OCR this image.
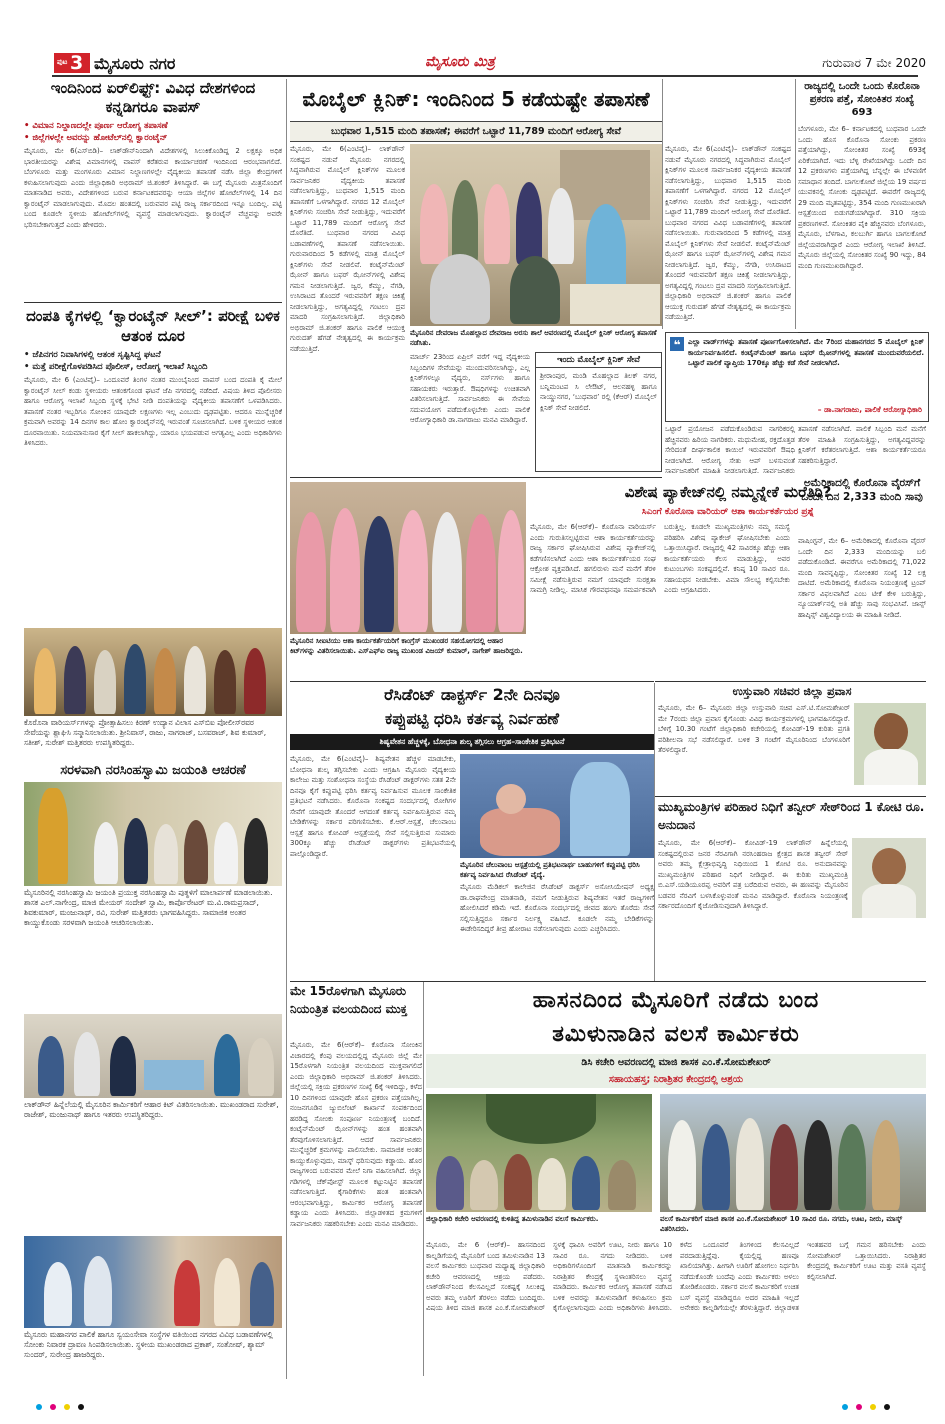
ಪುಟ 3 ಮೈಸೂರು ನಗರ	ಮೈಸೂರು ಮಿತ್ರ	ಗುರುವಾರ 7 ಮೇ 2020
ಇಂದಿನಿಂದ ಏರ್‌ಲಿಫ್ಟ್: ವಿವಿಧ ದೇಶಗಳಿಂದ ಕನ್ನಡಿಗರೂ ವಾಪಸ್
• ವಿಮಾನ ನಿಲ್ದಾಣದಲ್ಲೇ ಪೂರ್ಣ ಆರೋಗ್ಯ ತಪಾಸಣೆ
• ಜಿಲ್ಲೆಗಳಲ್ಲೇ ಅವರನ್ನು ಹೋಟೆಲ್‌ನಲ್ಲಿ ಕ್ವಾರಂಟೈನ್
ಮೈಸೂರು, ಮೇ 6(ಎಸ್‌ಬಿಡಿ)– ಲಾಕ್‌ಡೌನ್‌ನಿಂದಾಗಿ ವಿದೇಶಗಳಲ್ಲಿ ಸಿಲುಕಿಕೊಂಡಿದ್ದ 2 ಲಕ್ಷಕ್ಕೂ ಅಧಿಕ ಭಾರತೀಯರನ್ನು ವಿಶೇಷ ವಿಮಾನಗಳಲ್ಲಿ ವಾಪಸ್ ಕರೆತರುವ ಕಾರ್ಯಾಚರಣೆ ಇಂದಿನಿಂದ ಆರಂಭವಾಗಲಿದೆ. ಬೆಂಗಳೂರು ಮತ್ತು ಮಂಗಳೂರು ವಿಮಾನ ನಿಲ್ದಾಣಗಳಲ್ಲೇ ವೈದ್ಯಕೀಯ ತಪಾಸಣೆ ನಡೆಸಿ ಜಿಲ್ಲಾ ಕೇಂದ್ರಗಳಿಗೆ ಕಳುಹಿಸಲಾಗುವುದು ಎಂದು ಜಿಲ್ಲಾಧಿಕಾರಿ ಅಭಿರಾಮ್ ಜಿ.ಶಂಕರ್ ತಿಳಿಸಿದ್ದಾರೆ. ಈ ಬಗ್ಗೆ ಮೈಸೂರು ಮಿತ್ರನೊಂದಿಗೆ ಮಾತನಾಡಿದ ಅವರು, ವಿದೇಶಗಳಿಂದ ಬರುವ ಕರ್ನಾಟಕದವರನ್ನು ಆಯಾ ಜಿಲ್ಲೆಗಳ ಹೋಟೆಲ್‌ಗಳಲ್ಲಿ 14 ದಿನ ಕ್ವಾರಂಟೈನ್ ಮಾಡಲಾಗುವುದು. ಮೊದಲ ಹಂತದಲ್ಲಿ ಬರುವವರ ಪಟ್ಟಿ ರಾಜ್ಯ ಸರ್ಕಾರದಿಂದ ಇನ್ನೂ ಬಂದಿಲ್ಲ. ಪಟ್ಟಿ ಬಂದ ಕೂಡಲೇ ಸ್ಥಳೀಯ ಹೋಟೆಲ್‌ಗಳಲ್ಲಿ ವ್ಯವಸ್ಥೆ ಮಾಡಲಾಗುವುದು. ಕ್ವಾರಂಟೈನ್ ವೆಚ್ಚವನ್ನು ಅವರೇ ಭರಿಸಬೇಕಾಗುತ್ತದೆ ಎಂದು ಹೇಳಿದರು.
ದಂಪತಿ ಕೈಗಳಲ್ಲಿ ‘ಕ್ವಾರಂಟೈನ್ ಸೀಲ್’: ಪರೀಕ್ಷೆ ಬಳಿಕ ಆತಂಕ ದೂರ
• ಜೆಪಿನಗರ ನಿವಾಸಿಗಳಲ್ಲಿ ಆತಂಕ ಸೃಷ್ಟಿಸಿದ್ದ ಘಟನೆ
• ಮತ್ತೆ ಪರೀಕ್ಷೆಗೊಳಪಡಿಸಿದ ಪೊಲೀಸ್, ಆರೋಗ್ಯ ಇಲಾಖೆ ಸಿಬ್ಬಂದಿ
ಮೈಸೂರು, ಮೇ 6 (ಎಂಟಿವೈ)– ಒಂದೂವರೆ ತಿಂಗಳ ನಂತರ ಮುಂಬೈನಿಂದ ವಾಪಸ್ ಬಂದ ದಂಪತಿ ಕೈ ಮೇಲೆ ಕ್ವಾರಂಟೈನ್ ಸೀಲ್ ಕಂಡು ಸ್ಥಳೀಯರು ಆತಂಕಗೊಂಡ ಘಟನೆ ಜೆಪಿ ನಗರದಲ್ಲಿ ನಡೆದಿದೆ. ವಿಷಯ ತಿಳಿದ ಪೊಲೀಸರು ಹಾಗೂ ಆರೋಗ್ಯ ಇಲಾಖೆ ಸಿಬ್ಬಂದಿ ಸ್ಥಳಕ್ಕೆ ಭೇಟಿ ನೀಡಿ ದಂಪತಿಯನ್ನು ವೈದ್ಯಕೀಯ ತಪಾಸಣೆಗೆ ಒಳಪಡಿಸಿದರು. ತಪಾಸಣೆ ನಂತರ ಇಬ್ಬರಿಗೂ ಸೋಂಕಿನ ಯಾವುದೇ ಲಕ್ಷಣಗಳು ಇಲ್ಲ ಎಂಬುದು ದೃಢಪಟ್ಟಿತು. ಆದರೂ ಮುನ್ನೆಚ್ಚರಿಕೆ ಕ್ರಮವಾಗಿ ಅವರನ್ನು 14 ದಿನಗಳ ಕಾಲ ಹೋಂ ಕ್ವಾರಂಟೈನ್‌ನಲ್ಲಿ ಇರುವಂತೆ ಸೂಚಿಸಲಾಗಿದೆ. ಬಳಿಕ ಸ್ಥಳೀಯರ ಆತಂಕ ದೂರವಾಯಿತು. ನಿಯಮಾನುಸಾರ ಕೈಗೆ ಸೀಲ್ ಹಾಕಲಾಗಿದ್ದು, ಯಾರೂ ಭಯಪಡುವ ಅಗತ್ಯವಿಲ್ಲ ಎಂದು ಅಧಿಕಾರಿಗಳು ತಿಳಿಸಿದರು.
ಕೊರೊನಾ ವಾರಿಯರ್ಸ್‌ಗಳನ್ನು ಪ್ರೋತ್ಸಾಹಿಸಲು ಕಿರಣ್ ಉದ್ಯಾನ ವಿಲಾಸ ಎಸ್‌ಬಿಐ ಪೋಲೀಸ್‌ರವರ ಸೇವೆಯನ್ನು ಶ್ಲಾಘಿಸಿ ಸನ್ಮಾನಿಸಲಾಯಿತು. ಶ್ರೀನಿವಾಸ್, ರಾಜು, ನಾಗರಾಜ್, ಬಸವರಾಜ್, ಶಿವ ಕುಮಾರ್, ಸತೀಶ್, ಸುರೇಶ್ ಮತ್ತಿತರರು ಉಪಸ್ಥಿತರಿದ್ದರು.
ಸರಳವಾಗಿ ನರಸಿಂಹಸ್ವಾಮಿ ಜಯಂತಿ ಆಚರಣೆ
ಮೈಸೂರಿನಲ್ಲಿ ನರಸಿಂಹಸ್ವಾಮಿ ಜಯಂತಿ ಪ್ರಯುಕ್ತ ನರಸಿಂಹಸ್ವಾಮಿ ಪುತ್ಥಳಿಗೆ ಮಾಲಾರ್ಪಣೆ ಮಾಡಲಾಯಿತು. ಶಾಸಕ ಎಲ್.ನಾಗೇಂದ್ರ, ಮಾಜಿ ಮೇಯರ್ ಸಂದೇಶ್ ಸ್ವಾಮಿ, ಕಾರ್ಪೊರೇಟರ್ ಮ.ವಿ.ರಾಮಪ್ರಸಾದ್, ಶಿವಕುಮಾರ್, ಮಂಜುನಾಥ್, ರವಿ, ಸುರೇಶ್ ಮತ್ತಿತರರು ಭಾಗವಹಿಸಿದ್ದರು. ಸಾಮಾಜಿಕ ಅಂತರ ಕಾಯ್ದುಕೊಂಡು ಸರಳವಾಗಿ ಜಯಂತಿ ಆಚರಿಸಲಾಯಿತು.
ಲಾಕ್‌ಡೌನ್ ಹಿನ್ನೆಲೆಯಲ್ಲಿ ಮೈಸೂರಿನ ಕಾರ್ಮಿಕರಿಗೆ ಆಹಾರ ಕಿಟ್ ವಿತರಿಸಲಾಯಿತು. ಮುಖಂಡರಾದ ಸುರೇಶ್, ರಾಜೇಶ್, ಮಂಜುನಾಥ್ ಹಾಗೂ ಇತರರು ಉಪಸ್ಥಿತರಿದ್ದರು.
ಮೈಸೂರು ಮಹಾನಗರ ಪಾಲಿಕೆ ಹಾಗೂ ಸ್ವಯಂಸೇವಾ ಸಂಸ್ಥೆಗಳ ವತಿಯಿಂದ ನಗರದ ವಿವಿಧ ಬಡಾವಣೆಗಳಲ್ಲಿ ಸೋಂಕು ನಿವಾರಕ ದ್ರಾವಣ ಸಿಂಪಡಿಸಲಾಯಿತು. ಸ್ಥಳೀಯ ಮುಖಂಡರಾದ ಪ್ರಕಾಶ್, ಸಂತೋಷ್, ಶ್ಯಾಮ್ ಸುಂದರ್, ಸುರೇಂದ್ರ ಹಾಜರಿದ್ದರು.
ಮೊಬೈಲ್ ಕ್ಲಿನಿಕ್: ಇಂದಿನಿಂದ 5 ಕಡೆಯಷ್ಟೇ ತಪಾಸಣೆ
ಬುಧವಾರ 1,515 ಮಂದಿ ತಪಾಸಣೆ; ಈವರೆಗೆ ಒಟ್ಟಾರೆ 11,789 ಮಂದಿಗೆ ಆರೋಗ್ಯ ಸೇವೆ
ಮೈಸೂರು, ಮೇ 6(ಎಂಟಿವೈ)– ಲಾಕ್‌ಡೌನ್ ಸಂಕಷ್ಟದ ನಡುವೆ ಮೈಸೂರು ನಗರದಲ್ಲಿ ಸಿದ್ಧವಾಗಿರುವ ಮೊಬೈಲ್ ಕ್ಲಿನಿಕ್‌ಗಳ ಮೂಲಕ ಸಾರ್ವಜನಿಕರ ವೈದ್ಯಕೀಯ ತಪಾಸಣೆ ನಡೆಸಲಾಗುತ್ತಿದ್ದು, ಬುಧವಾರ 1,515 ಮಂದಿ ತಪಾಸಣೆಗೆ ಒಳಗಾಗಿದ್ದಾರೆ. ನಗರದ 12 ಮೊಬೈಲ್ ಕ್ಲಿನಿಕ್‌ಗಳು ಸಂಚರಿಸಿ ಸೇವೆ ನೀಡುತ್ತಿದ್ದು, ಇದುವರೆಗೆ ಒಟ್ಟಾರೆ 11,789 ಮಂದಿಗೆ ಆರೋಗ್ಯ ಸೇವೆ ದೊರೆತಿದೆ. ಬುಧವಾರ ನಗರದ ವಿವಿಧ ಬಡಾವಣೆಗಳಲ್ಲಿ ತಪಾಸಣೆ ನಡೆಸಲಾಯಿತು. ಗುರುವಾರದಿಂದ 5 ಕಡೆಗಳಲ್ಲಿ ಮಾತ್ರ ಮೊಬೈಲ್ ಕ್ಲಿನಿಕ್‌ಗಳು ಸೇವೆ ನೀಡಲಿವೆ. ಕಂಟೈನ್‌ಮೆಂಟ್ ಝೋನ್ ಹಾಗೂ ಬಫರ್ ಝೋನ್‌ಗಳಲ್ಲಿ ವಿಶೇಷ ಗಮನ ನೀಡಲಾಗುತ್ತಿದೆ. ಜ್ವರ, ಕೆಮ್ಮು, ನೆಗಡಿ, ಉಸಿರಾಟದ ತೊಂದರೆ ಇರುವವರಿಗೆ ತಕ್ಷಣ ಚಿಕಿತ್ಸೆ ನೀಡಲಾಗುತ್ತಿದ್ದು, ಅಗತ್ಯವಿದ್ದಲ್ಲಿ ಗಂಟಲು ದ್ರವ ಮಾದರಿ ಸಂಗ್ರಹಿಸಲಾಗುತ್ತಿದೆ. ಜಿಲ್ಲಾಧಿಕಾರಿ ಅಭಿರಾಮ್ ಜಿ.ಶಂಕರ್ ಹಾಗೂ ಪಾಲಿಕೆ ಆಯುಕ್ತ ಗುರುದತ್ ಹೆಗಡೆ ನೇತೃತ್ವದಲ್ಲಿ ಈ ಕಾರ್ಯಕ್ರಮ ನಡೆಯುತ್ತಿದೆ.
ಮೈಸೂರಿನ ದೇವರಾಜ ಮೊಹಲ್ಲಾದ ದೇವರಾಜ ಅರಸು ಶಾಲೆ ಆವರಣದಲ್ಲಿ ಮೊಬೈಲ್ ಕ್ಲಿನಿಕ್ ಆರೋಗ್ಯ ತಪಾಸಣೆ ನಡೆಸಿತು.
ಮಾರ್ಚ್ 23ರಿಂದ ಏಪ್ರಿಲ್ ವರೆಗೆ ಇದ್ದ ವೈದ್ಯಕೀಯ ಸಿಬ್ಬಂದಿಗಳ ಸೇವೆಯನ್ನು ಮುಂದುವರಿಸಲಾಗಿದ್ದು, ಎಲ್ಲ ಕ್ಲಿನಿಕ್‌ಗಳಲ್ಲೂ ವೈದ್ಯರು, ನರ್ಸ್‌ಗಳು ಹಾಗೂ ಸಹಾಯಕರು ಇರುತ್ತಾರೆ. ಔಷಧಿಗಳನ್ನು ಉಚಿತವಾಗಿ ವಿತರಿಸಲಾಗುತ್ತಿದೆ. ಸಾರ್ವಜನಿಕರು ಈ ಸೇವೆಯ ಸದುಪಯೋಗ ಪಡೆದುಕೊಳ್ಳಬೇಕು ಎಂದು ಪಾಲಿಕೆ ಆರೋಗ್ಯಾಧಿಕಾರಿ ಡಾ.ನಾಗರಾಜು ಮನವಿ ಮಾಡಿದ್ದಾರೆ.
ಇಂದು ಮೊಬೈಲ್ ಕ್ಲಿನಿಕ್ ಸೇವೆ
ಶ್ರೀರಾಂಪುರ, ಮಂಡಿ ಮೊಹಲ್ಲಾದ ತಿಲಕ್ ನಗರ, ಬನ್ನಿಮಂಟಪ ಸಿ ಲೇಔಟ್, ಆಲನಹಳ್ಳಿ ಹಾಗೂ ನಾಯ್ಡುನಗರ, ‘ಬುಧವಾರ’ ರಲ್ಲಿ (ಕೆಆರ್) ಮೊಬೈಲ್ ಕ್ಲಿನಿಕ್ ಸೇವೆ ನೀಡಲಿದೆ.
❝	ಎಲ್ಲಾ ವಾರ್ಡ್‌ಗಳನ್ನು ತಪಾಸಣೆ ಪೂರ್ಣಗೊಳಿಸಲಾಗಿದೆ. ಮೇ 7ರಿಂದ ಮಹಾನಗರದ 5 ಮೊಬೈಲ್ ಕ್ಲಿನಿಕ್ ಕಾರ್ಯನಿರ್ವಹಿಸಲಿದೆ. ಕಂಟೈನ್‌ಮೆಂಟ್ ಹಾಗೂ ಬಫರ್ ಝೋನ್‌ಗಳಲ್ಲಿ ತಪಾಸಣೆ ಮುಂದುವರೆಯಲಿದೆ. ಒಟ್ಟಾರೆ ಪಾಲಿಕೆ ವ್ಯಾಪ್ತಿಯ 170ಕ್ಕೂ ಹೆಚ್ಚು ಕಡೆ ಸೇವೆ ನೀಡಲಾಗಿದೆ.
– ಡಾ.ನಾಗರಾಜು, ಪಾಲಿಕೆ ಆರೋಗ್ಯಾಧಿಕಾರಿ
ಒಟ್ಟಾರೆ ಪ್ರಯೋಜನ ಪಡೆದುಕೊಂಡಿರುವ ನಾಗರಿಕರಲ್ಲಿ ಹೆಚ್ಚಿನವರು ಹಿರಿಯ ನಾಗರಿಕರು. ಮಧುಮೇಹ, ರಕ್ತದೊತ್ತಡ ಸೇರಿದಂತೆ ದೀರ್ಘಕಾಲಿಕ ಕಾಯಿಲೆ ಇರುವವರಿಗೆ ಔಷಧಿ ನೀಡಲಾಗಿದೆ. ಆರೋಗ್ಯ ಸೇತು ಆಪ್ ಬಳಸುವಂತೆ ಸಾರ್ವಜನಿಕರಿಗೆ ಮಾಹಿತಿ ನೀಡಲಾಗುತ್ತಿದೆ. ಸಾರ್ವಜನಿಕರು
ತಪಾಸಣೆ ನಡೆಸಲಾಗಿದೆ. ಪಾಲಿಕೆ ಸಿಬ್ಬಂದಿ ಮನೆ ಮನೆಗೆ ತೆರಳಿ ಮಾಹಿತಿ ಸಂಗ್ರಹಿಸುತ್ತಿದ್ದು, ಅಗತ್ಯವಿದ್ದವರನ್ನು ಕ್ಲಿನಿಕ್‌ಗೆ ಕರೆತರಲಾಗುತ್ತಿದೆ. ಆಶಾ ಕಾರ್ಯಕರ್ತೆಯರೂ ಸಹಕರಿಸುತ್ತಿದ್ದಾರೆ.
ಮೈಸೂರಿನ ಸೀಐಟಿಯು ಆಶಾ ಕಾರ್ಯಕರ್ತೆಯರಿಗೆ ಕಾಂಗ್ರೆಸ್ ಮುಖಂಡರ ಸಹಯೋಗದಲ್ಲಿ ಆಹಾರ ಕಿಟ್‌ಗಳನ್ನು ವಿತರಿಸಲಾಯಿತು. ಎಸ್‌ಎಫ್ಐ ರಾಜ್ಯ ಮುಖಂಡ ವಿಜಯ್ ಕುಮಾರ್, ನಾಗೇಶ್ ಹಾಜರಿದ್ದರು.
ವಿಶೇಷ ಪ್ಯಾಕೇಜ್‌ನಲ್ಲಿ ನಮ್ಮನ್ನೇಕೆ ಮರೆತಿರಿ?
ಸಿಎಂಗೆ ಕೊರೊನಾ ವಾರಿಯರ್ ಆಶಾ ಕಾರ್ಯಕರ್ತೆಯರ ಪ್ರಶ್ನೆ
ಮೈಸೂರು, ಮೇ 6(ಆರ್‌ಕೆ)– ಕೊರೊನಾ ವಾರಿಯರ್ಸ್ ಎಂದು ಗುರುತಿಸಲ್ಪಟ್ಟಿರುವ ಆಶಾ ಕಾರ್ಯಕರ್ತೆಯರನ್ನು ರಾಜ್ಯ ಸರ್ಕಾರ ಘೋಷಿಸಿರುವ ವಿಶೇಷ ಪ್ಯಾಕೇಜ್‌ನಲ್ಲಿ ಕಡೆಗಣಿಸಲಾಗಿದೆ ಎಂದು ಆಶಾ ಕಾರ್ಯಕರ್ತೆಯರ ಸಂಘ ಆಕ್ರೋಶ ವ್ಯಕ್ತಪಡಿಸಿದೆ. ಹಗಲಿರುಳು ಮನೆ ಮನೆಗೆ ತೆರಳಿ ಸಮೀಕ್ಷೆ ನಡೆಸುತ್ತಿರುವ ನಮಗೆ ಯಾವುದೇ ಸುರಕ್ಷತಾ ಸಾಮಗ್ರಿ ನೀಡಿಲ್ಲ. ಮಾಸಿಕ ಗೌರವಧನವೂ ಸಮರ್ಪಕವಾಗಿ ಬರುತ್ತಿಲ್ಲ. ಕೂಡಲೇ ಮುಖ್ಯಮಂತ್ರಿಗಳು ನಮ್ಮ ಸಮಸ್ಯೆ ಪರಿಹರಿಸಿ ವಿಶೇಷ ಪ್ಯಾಕೇಜ್ ಘೋಷಿಸಬೇಕು ಎಂದು ಒತ್ತಾಯಿಸಿದ್ದಾರೆ. ರಾಜ್ಯದಲ್ಲಿ 42 ಸಾವಿರಕ್ಕೂ ಹೆಚ್ಚು ಆಶಾ ಕಾರ್ಯಕರ್ತೆಯರು ಕೆಲಸ ಮಾಡುತ್ತಿದ್ದು, ಅವರ ಕುಟುಂಬಗಳು ಸಂಕಷ್ಟದಲ್ಲಿವೆ. ಕನಿಷ್ಠ 10 ಸಾವಿರ ರೂ. ಸಹಾಯಧನ ನೀಡಬೇಕು. ವಿಮಾ ಸೌಲಭ್ಯ ಕಲ್ಪಿಸಬೇಕು ಎಂದು ಆಗ್ರಹಿಸಿದರು.
ರಾಜ್ಯದಲ್ಲಿ ಒಂದೇ ಒಂದು ಕೊರೊನಾ ಪ್ರಕರಣ ಪತ್ತೆ, ಸೋಂಕಿತರ ಸಂಖ್ಯೆ 693
ಬೆಂಗಳೂರು, ಮೇ 6– ಕರ್ನಾಟಕದಲ್ಲಿ ಬುಧವಾರ ಒಂದೇ ಒಂದು ಹೊಸ ಕೊರೊನಾ ಸೋಂಕು ಪ್ರಕರಣ ಪತ್ತೆಯಾಗಿದ್ದು, ಸೋಂಕಿತರ ಸಂಖ್ಯೆ 693ಕ್ಕೆ ಏರಿಕೆಯಾಗಿದೆ. ಇದು ಬೆಳ್ಳಿ ರೇಖೆಯಾಗಿದ್ದು ಒಂದೇ ದಿನ 12 ಪ್ರಕರಣಗಳು ಪತ್ತೆಯಾಗಿದ್ದ ಬೆನ್ನಲ್ಲೇ ಈ ಬೆಳವಣಿಗೆ ಸಮಾಧಾನ ತಂದಿದೆ. ಬಾಗಲಕೋಟೆ ಜಿಲ್ಲೆಯ 19 ವರ್ಷದ ಯುವಕನಲ್ಲಿ ಸೋಂಕು ದೃಢಪಟ್ಟಿದೆ. ಈವರೆಗೆ ರಾಜ್ಯದಲ್ಲಿ 29 ಮಂದಿ ಮೃತಪಟ್ಟಿದ್ದು, 354 ಮಂದಿ ಗುಣಮುಖರಾಗಿ ಆಸ್ಪತ್ರೆಯಿಂದ ಬಿಡುಗಡೆಯಾಗಿದ್ದಾರೆ. 310 ಸಕ್ರಿಯ ಪ್ರಕರಣಗಳಿವೆ. ಸೋಂಕಿತರ ಪೈಕಿ ಹೆಚ್ಚಿನವರು ಬೆಂಗಳೂರು, ಮೈಸೂರು, ಬೆಳಗಾವಿ, ಕಲಬುರ್ಗಿ ಹಾಗೂ ಬಾಗಲಕೋಟೆ ಜಿಲ್ಲೆಯವರಾಗಿದ್ದಾರೆ ಎಂದು ಆರೋಗ್ಯ ಇಲಾಖೆ ತಿಳಿಸಿದೆ. ಮೈಸೂರು ಜಿಲ್ಲೆಯಲ್ಲಿ ಸೋಂಕಿತರ ಸಂಖ್ಯೆ 90 ಇದ್ದು, 84 ಮಂದಿ ಗುಣಮುಖರಾಗಿದ್ದಾರೆ.
ಮೈಸೂರು, ಮೇ 6(ಎಂಟಿವೈ)– ಲಾಕ್‌ಡೌನ್ ಸಂಕಷ್ಟದ ನಡುವೆ ಮೈಸೂರು ನಗರದಲ್ಲಿ ಸಿದ್ಧವಾಗಿರುವ ಮೊಬೈಲ್ ಕ್ಲಿನಿಕ್‌ಗಳ ಮೂಲಕ ಸಾರ್ವಜನಿಕರ ವೈದ್ಯಕೀಯ ತಪಾಸಣೆ ನಡೆಸಲಾಗುತ್ತಿದ್ದು, ಬುಧವಾರ 1,515 ಮಂದಿ ತಪಾಸಣೆಗೆ ಒಳಗಾಗಿದ್ದಾರೆ. ನಗರದ 12 ಮೊಬೈಲ್ ಕ್ಲಿನಿಕ್‌ಗಳು ಸಂಚರಿಸಿ ಸೇವೆ ನೀಡುತ್ತಿದ್ದು, ಇದುವರೆಗೆ ಒಟ್ಟಾರೆ 11,789 ಮಂದಿಗೆ ಆರೋಗ್ಯ ಸೇವೆ ದೊರೆತಿದೆ. ಬುಧವಾರ ನಗರದ ವಿವಿಧ ಬಡಾವಣೆಗಳಲ್ಲಿ ತಪಾಸಣೆ ನಡೆಸಲಾಯಿತು. ಗುರುವಾರದಿಂದ 5 ಕಡೆಗಳಲ್ಲಿ ಮಾತ್ರ ಮೊಬೈಲ್ ಕ್ಲಿನಿಕ್‌ಗಳು ಸೇವೆ ನೀಡಲಿವೆ. ಕಂಟೈನ್‌ಮೆಂಟ್ ಝೋನ್ ಹಾಗೂ ಬಫರ್ ಝೋನ್‌ಗಳಲ್ಲಿ ವಿಶೇಷ ಗಮನ ನೀಡಲಾಗುತ್ತಿದೆ. ಜ್ವರ, ಕೆಮ್ಮು, ನೆಗಡಿ, ಉಸಿರಾಟದ ತೊಂದರೆ ಇರುವವರಿಗೆ ತಕ್ಷಣ ಚಿಕಿತ್ಸೆ ನೀಡಲಾಗುತ್ತಿದ್ದು, ಅಗತ್ಯವಿದ್ದಲ್ಲಿ ಗಂಟಲು ದ್ರವ ಮಾದರಿ ಸಂಗ್ರಹಿಸಲಾಗುತ್ತಿದೆ. ಜಿಲ್ಲಾಧಿಕಾರಿ ಅಭಿರಾಮ್ ಜಿ.ಶಂಕರ್ ಹಾಗೂ ಪಾಲಿಕೆ ಆಯುಕ್ತ ಗುರುದತ್ ಹೆಗಡೆ ನೇತೃತ್ವದಲ್ಲಿ ಈ ಕಾರ್ಯಕ್ರಮ ನಡೆಯುತ್ತಿದೆ.
ಅಮೆರಿಕಾದಲ್ಲಿ ಕೊರೊನಾ ವೈರಸ್‌ಗೆ ಒಂದೇ ದಿನ 2,333 ಮಂದಿ ಸಾವು
ವಾಷಿಂಗ್ಟನ್, ಮೇ 6– ಅಮೆರಿಕಾದಲ್ಲಿ ಕೊರೊನಾ ವೈರಸ್ ಒಂದೇ ದಿನ 2,333 ಮಂದಿಯನ್ನು ಬಲಿ ಪಡೆದುಕೊಂಡಿದೆ. ಈವರೆಗೂ ಅಮೆರಿಕಾದಲ್ಲಿ 71,022 ಮಂದಿ ಸಾವನ್ನಪ್ಪಿದ್ದು, ಸೋಂಕಿತರ ಸಂಖ್ಯೆ 12 ಲಕ್ಷ ದಾಟಿದೆ. ಅಮೆರಿಕಾದಲ್ಲಿ ಕೊರೊನಾ ನಿಯಂತ್ರಣಕ್ಕೆ ಟ್ರಂಪ್ ಸರ್ಕಾರ ವಿಫಲವಾಗಿದೆ ಎಂಬ ಟೀಕೆ ಕೇಳಿ ಬರುತ್ತಿದ್ದು, ನ್ಯೂಯಾರ್ಕ್‌ನಲ್ಲಿ ಅತಿ ಹೆಚ್ಚು ಸಾವು ಸಂಭವಿಸಿವೆ. ಜಾನ್ಸ್ ಹಾಪ್ಕಿನ್ಸ್ ವಿಶ್ವವಿದ್ಯಾಲಯ ಈ ಮಾಹಿತಿ ನೀಡಿದೆ.
ಉಸ್ತುವಾರಿ ಸಚಿವರ ಜಿಲ್ಲಾ ಪ್ರವಾಸ
ಮೈಸೂರು, ಮೇ 6– ಮೈಸೂರು ಜಿಲ್ಲಾ ಉಸ್ತುವಾರಿ ಸಚಿವ ಎಸ್.ಟಿ.ಸೋಮಶೇಖರ್ ಮೇ 7ರಂದು ಜಿಲ್ಲಾ ಪ್ರವಾಸ ಕೈಗೊಂಡು ವಿವಿಧ ಕಾರ್ಯಕ್ರಮಗಳಲ್ಲಿ ಭಾಗವಹಿಸಲಿದ್ದಾರೆ. ಬೆಳಿಗ್ಗೆ 10.30 ಗಂಟೆಗೆ ಜಿಲ್ಲಾಧಿಕಾರಿ ಕಚೇರಿಯಲ್ಲಿ ಕೋವಿಡ್-19 ಕುರಿತು ಪ್ರಗತಿ ಪರಿಶೀಲನಾ ಸಭೆ ನಡೆಸಲಿದ್ದಾರೆ. ಬಳಿಕ 3 ಗಂಟೆಗೆ ಮೈಸೂರಿನಿಂದ ಬೆಂಗಳೂರಿಗೆ ತೆರಳಲಿದ್ದಾರೆ.
ಮುಖ್ಯಮಂತ್ರಿಗಳ ಪರಿಹಾರ ನಿಧಿಗೆ ತನ್ವೀರ್ ಸೇಠ್‌ರಿಂದ 1 ಕೋಟಿ ರೂ. ಅನುದಾನ
ಮೈಸೂರು, ಮೇ 6(ಆರ್‌ಕೆ)– ಕೋವಿಡ್-19 ಲಾಕ್‌ಡೌನ್ ಹಿನ್ನೆಲೆಯಲ್ಲಿ ಸಂಕಷ್ಟದಲ್ಲಿರುವ ಜನರ ನೆರವಿಗಾಗಿ ನರಸಿಂಹರಾಜ ಕ್ಷೇತ್ರದ ಶಾಸಕ ತನ್ವೀರ್ ಸೇಠ್ ಅವರು ತಮ್ಮ ಕ್ಷೇತ್ರಾಭಿವೃದ್ಧಿ ನಿಧಿಯಿಂದ 1 ಕೋಟಿ ರೂ. ಅನುದಾನವನ್ನು ಮುಖ್ಯಮಂತ್ರಿಗಳ ಪರಿಹಾರ ನಿಧಿಗೆ ನೀಡಿದ್ದಾರೆ. ಈ ಕುರಿತು ಮುಖ್ಯಮಂತ್ರಿ ಬಿ.ಎಸ್.ಯಡಿಯೂರಪ್ಪ ಅವರಿಗೆ ಪತ್ರ ಬರೆದಿರುವ ಅವರು, ಈ ಹಣವನ್ನು ಮೈಸೂರಿನ ಬಡವರ ನೆರವಿಗೆ ಬಳಸಿಕೊಳ್ಳುವಂತೆ ಮನವಿ ಮಾಡಿದ್ದಾರೆ. ಕೊರೊನಾ ನಿಯಂತ್ರಣಕ್ಕೆ ಸರ್ಕಾರದೊಂದಿಗೆ ಕೈಜೋಡಿಸುವುದಾಗಿ ತಿಳಿಸಿದ್ದಾರೆ.
ರೆಸಿಡೆಂಟ್ ಡಾಕ್ಟರ್ಸ್ 2ನೇ ದಿನವೂ
ಕಪ್ಪುಪಟ್ಟಿ ಧರಿಸಿ ಕರ್ತವ್ಯ ನಿರ್ವಹಣೆ
ಶಿಷ್ಯವೇತನ ಹೆಚ್ಚಳಕ್ಕೆ, ಬೋಧನಾ ಶುಲ್ಕ ತಗ್ಗಿಸಲು ಆಗ್ರಹ–ಸಾಂಕೇತಿಕ ಪ್ರತಿಭಟನೆ
ಮೈಸೂರು, ಮೇ 6(ಎಂಟಿವೈ)– ಶಿಷ್ಯವೇತನ ಹೆಚ್ಚಳ ಮಾಡಬೇಕು, ಬೋಧನಾ ಶುಲ್ಕ ತಗ್ಗಿಸಬೇಕು ಎಂದು ಆಗ್ರಹಿಸಿ ಮೈಸೂರು ವೈದ್ಯಕೀಯ ಕಾಲೇಜು ಮತ್ತು ಸಂಶೋಧನಾ ಸಂಸ್ಥೆಯ ರೆಸಿಡೆಂಟ್ ಡಾಕ್ಟರ್‌ಗಳು ಸತತ 2ನೇ ದಿನವೂ ಕೈಗೆ ಕಪ್ಪುಪಟ್ಟಿ ಧರಿಸಿ ಕರ್ತವ್ಯ ನಿರ್ವಹಿಸುವ ಮೂಲಕ ಸಾಂಕೇತಿಕ ಪ್ರತಿಭಟನೆ ನಡೆಸಿದರು. ಕೊರೊನಾ ಸಂಕಷ್ಟದ ಸಂದರ್ಭದಲ್ಲಿ ರೋಗಿಗಳ ಸೇವೆಗೆ ಯಾವುದೇ ತೊಂದರೆ ಆಗದಂತೆ ಕರ್ತವ್ಯ ನಿರ್ವಹಿಸುತ್ತಿರುವ ನಮ್ಮ ಬೇಡಿಕೆಗಳನ್ನು ಸರ್ಕಾರ ಪರಿಗಣಿಸಬೇಕು. ಕೆ.ಆರ್.ಆಸ್ಪತ್ರೆ, ಚೆಲುವಾಂಬ ಆಸ್ಪತ್ರೆ ಹಾಗೂ ಕೋವಿಡ್ ಆಸ್ಪತ್ರೆಯಲ್ಲಿ ಸೇವೆ ಸಲ್ಲಿಸುತ್ತಿರುವ ಸುಮಾರು 300ಕ್ಕೂ ಹೆಚ್ಚು ರೆಸಿಡೆಂಟ್ ಡಾಕ್ಟರ್‌ಗಳು ಪ್ರತಿಭಟನೆಯಲ್ಲಿ ಪಾಲ್ಗೊಂಡಿದ್ದಾರೆ.
ಮೈಸೂರಿನ ಚೆಲುವಾಂಬ ಆಸ್ಪತ್ರೆಯಲ್ಲಿ ಪ್ರತಿಭಟನಾರ್ಥ ಬಾಹುಗಳಿಗೆ ಕಪ್ಪುಪಟ್ಟಿ ಧರಿಸಿ ಕರ್ತವ್ಯ ನಿರ್ವಹಿಸಿದ ರೆಸಿಡೆಂಟ್ ವೈದ್ಯೆ.
ಮೈಸೂರು ಮೆಡಿಕಲ್ ಕಾಲೇಜಿನ ರೆಸಿಡೆಂಟ್ ಡಾಕ್ಟರ್ಸ್ ಅಸೋಸಿಯೇಷನ್ ಅಧ್ಯಕ್ಷ ಡಾ.ರಾಘವೇಂದ್ರ ಮಾತನಾಡಿ, ನಮಗೆ ನೀಡುತ್ತಿರುವ ಶಿಷ್ಯವೇತನ ಇತರೆ ರಾಜ್ಯಗಳಿಗೆ ಹೋಲಿಸಿದರೆ ಕಡಿಮೆ ಇದೆ. ಕೊರೊನಾ ಸಂದರ್ಭದಲ್ಲಿ ಜೀವದ ಹಂಗು ತೊರೆದು ಸೇವೆ ಸಲ್ಲಿಸುತ್ತಿದ್ದರೂ ಸರ್ಕಾರ ನಿರ್ಲಕ್ಷ್ಯ ವಹಿಸಿದೆ. ಕೂಡಲೇ ನಮ್ಮ ಬೇಡಿಕೆಗಳನ್ನು ಈಡೇರಿಸದಿದ್ದರೆ ತೀವ್ರ ಹೋರಾಟ ನಡೆಸಲಾಗುವುದು ಎಂದು ಎಚ್ಚರಿಸಿದರು.
ಮೇ 15ರೊಳಗಾಗಿ ಮೈಸೂರು ನಿಯಂತ್ರಿತ ವಲಯದಿಂದ ಮುಕ್ತ
ಮೈಸೂರು, ಮೇ 6(ಆರ್‌ಕೆ)– ಕೊರೊನಾ ಸೋಂಕಿನ ವಿಚಾರದಲ್ಲಿ ಕೆಂಪು ವಲಯದಲ್ಲಿದ್ದ ಮೈಸೂರು ಜಿಲ್ಲೆ ಮೇ 15ರೊಳಗಾಗಿ ನಿಯಂತ್ರಿತ ವಲಯದಿಂದ ಮುಕ್ತವಾಗಲಿದೆ ಎಂದು ಜಿಲ್ಲಾಧಿಕಾರಿ ಅಭಿರಾಮ್ ಜಿ.ಶಂಕರ್ ತಿಳಿಸಿದರು. ಜಿಲ್ಲೆಯಲ್ಲಿ ಸಕ್ರಿಯ ಪ್ರಕರಣಗಳ ಸಂಖ್ಯೆ 6ಕ್ಕೆ ಇಳಿದಿದ್ದು, ಕಳೆದ 10 ದಿನಗಳಿಂದ ಯಾವುದೇ ಹೊಸ ಪ್ರಕರಣ ಪತ್ತೆಯಾಗಿಲ್ಲ. ನಂಜನಗೂಡಿನ ಜ್ಯುಬಿಲೆಂಟ್ ಕಾರ್ಖಾನೆ ಸಂಪರ್ಕದಿಂದ ಹರಡಿದ್ದ ಸೋಂಕು ಸಂಪೂರ್ಣ ನಿಯಂತ್ರಣಕ್ಕೆ ಬಂದಿದೆ. ಕಂಟೈನ್‌ಮೆಂಟ್ ಝೋನ್‌ಗಳನ್ನು ಹಂತ ಹಂತವಾಗಿ ತೆರವುಗೊಳಿಸಲಾಗುತ್ತಿದೆ. ಆದರೆ ಸಾರ್ವಜನಿಕರು ಮುನ್ನೆಚ್ಚರಿಕೆ ಕ್ರಮಗಳನ್ನು ಪಾಲಿಸಬೇಕು. ಸಾಮಾಜಿಕ ಅಂತರ ಕಾಯ್ದುಕೊಳ್ಳುವುದು, ಮಾಸ್ಕ್ ಧರಿಸುವುದು ಕಡ್ಡಾಯ. ಹೊರ ರಾಜ್ಯಗಳಿಂದ ಬರುವವರ ಮೇಲೆ ನಿಗಾ ವಹಿಸಲಾಗಿದೆ. ಜಿಲ್ಲಾ ಗಡಿಗಳಲ್ಲಿ ಚೆಕ್‌ಪೋಸ್ಟ್ ಮೂಲಕ ಕಟ್ಟುನಿಟ್ಟಿನ ತಪಾಸಣೆ ನಡೆಸಲಾಗುತ್ತಿದೆ. ಕೈಗಾರಿಕೆಗಳು ಹಂತ ಹಂತವಾಗಿ ಆರಂಭವಾಗುತ್ತಿದ್ದು, ಕಾರ್ಮಿಕರ ಆರೋಗ್ಯ ತಪಾಸಣೆ ಕಡ್ಡಾಯ ಎಂದು ತಿಳಿಸಿದರು. ಜಿಲ್ಲಾಡಳಿತದ ಕ್ರಮಗಳಿಗೆ ಸಾರ್ವಜನಿಕರು ಸಹಕರಿಸಬೇಕು ಎಂದು ಮನವಿ ಮಾಡಿದರು.
ಹಾಸನದಿಂದ ಮೈಸೂರಿಗೆ ನಡೆದು ಬಂದ
ತಮಿಳುನಾಡಿನ ವಲಸೆ ಕಾರ್ಮಿಕರು
ಡಿಸಿ ಕಚೇರಿ ಆವರಣದಲ್ಲಿ ಮಾಜಿ ಶಾಸಕ ಎಂ.ಕೆ.ಸೋಮಶೇಖರ್
ಸಹಾಯಹಸ್ತ; ನಿರಾಶ್ರಿತರ ಕೇಂದ್ರದಲ್ಲಿ ಆಶ್ರಯ
ಜಿಲ್ಲಾಧಿಕಾರಿ ಕಚೇರಿ ಆವರಣದಲ್ಲಿ ಕುಳಿತಿದ್ದ ತಮಿಳುನಾಡಿನ ವಲಸೆ ಕಾರ್ಮಿಕರು.	ವಲಸೆ ಕಾರ್ಮಿಕರಿಗೆ ಮಾಜಿ ಶಾಸಕ ಎಂ.ಕೆ.ಸೋಮಶೇಖರ್ 10 ಸಾವಿರ ರೂ. ನಗದು, ಊಟ, ನೀರು, ಮಾಸ್ಕ್ ವಿತರಿಸಿದರು.
ಮೈಸೂರು, ಮೇ 6 (ಆರ್‌ಕೆ)– ಹಾಸನದಿಂದ ಕಾಲ್ನಡಿಗೆಯಲ್ಲಿ ಮೈಸೂರಿಗೆ ಬಂದ ತಮಿಳುನಾಡಿನ 13 ವಲಸೆ ಕಾರ್ಮಿಕರು ಬುಧವಾರ ಮಧ್ಯಾಹ್ನ ಜಿಲ್ಲಾಧಿಕಾರಿ ಕಚೇರಿ ಆವರಣದಲ್ಲಿ ಆಶ್ರಯ ಪಡೆದರು. ಲಾಕ್‌ಡೌನ್‌ನಿಂದ ಕೆಲಸವಿಲ್ಲದೆ ಸಂಕಷ್ಟಕ್ಕೆ ಸಿಲುಕಿದ್ದ ಅವರು ತಮ್ಮ ಊರಿಗೆ ತೆರಳಲು ನಡೆದು ಬಂದಿದ್ದರು. ವಿಷಯ ತಿಳಿದ ಮಾಜಿ ಶಾಸಕ ಎಂ.ಕೆ.ಸೋಮಶೇಖರ್ ಸ್ಥಳಕ್ಕೆ ಧಾವಿಸಿ ಅವರಿಗೆ ಊಟ, ನೀರು ಹಾಗೂ 10 ಸಾವಿರ ರೂ. ನಗದು ನೀಡಿದರು. ಬಳಿಕ ಅಧಿಕಾರಿಗಳೊಂದಿಗೆ ಮಾತನಾಡಿ ಕಾರ್ಮಿಕರನ್ನು ನಿರಾಶ್ರಿತರ ಕೇಂದ್ರಕ್ಕೆ ಸ್ಥಳಾಂತರಿಸಲು ವ್ಯವಸ್ಥೆ ಮಾಡಿದರು. ಕಾರ್ಮಿಕರ ಆರೋಗ್ಯ ತಪಾಸಣೆ ನಡೆಸಿದ ಬಳಿಕ ಅವರನ್ನು ತಮಿಳುನಾಡಿಗೆ ಕಳುಹಿಸಲು ಕ್ರಮ ಕೈಗೊಳ್ಳಲಾಗುವುದು ಎಂದು ಅಧಿಕಾರಿಗಳು ತಿಳಿಸಿದರು. ಕಳೆದ ಒಂದೂವರೆ ತಿಂಗಳಿಂದ ಕೆಲಸವಿಲ್ಲದೆ ಪರದಾಡುತ್ತಿದ್ದೆವು. ಕೈಯಲ್ಲಿದ್ದ ಹಣವೂ ಖಾಲಿಯಾಗಿತ್ತು. ಹೀಗಾಗಿ ಊರಿಗೆ ಹೋಗಲು ನಿರ್ಧರಿಸಿ ನಡೆದುಕೊಂಡೇ ಬಂದೆವು ಎಂದು ಕಾರ್ಮಿಕರು ಅಳಲು ತೋಡಿಕೊಂಡರು. ಸರ್ಕಾರ ವಲಸೆ ಕಾರ್ಮಿಕರಿಗೆ ಉಚಿತ ಬಸ್ ವ್ಯವಸ್ಥೆ ಮಾಡಿದ್ದರೂ ಅದರ ಮಾಹಿತಿ ಇಲ್ಲದೆ ಅನೇಕರು ಕಾಲ್ನಡಿಗೆಯಲ್ಲೇ ತೆರಳುತ್ತಿದ್ದಾರೆ. ಜಿಲ್ಲಾಡಳಿತ ಇಂತಹವರ ಬಗ್ಗೆ ಗಮನ ಹರಿಸಬೇಕು ಎಂದು ಸೋಮಶೇಖರ್ ಒತ್ತಾಯಿಸಿದರು. ನಿರಾಶ್ರಿತರ ಕೇಂದ್ರದಲ್ಲಿ ಕಾರ್ಮಿಕರಿಗೆ ಊಟ ಮತ್ತು ವಸತಿ ವ್ಯವಸ್ಥೆ ಕಲ್ಪಿಸಲಾಗಿದೆ.
